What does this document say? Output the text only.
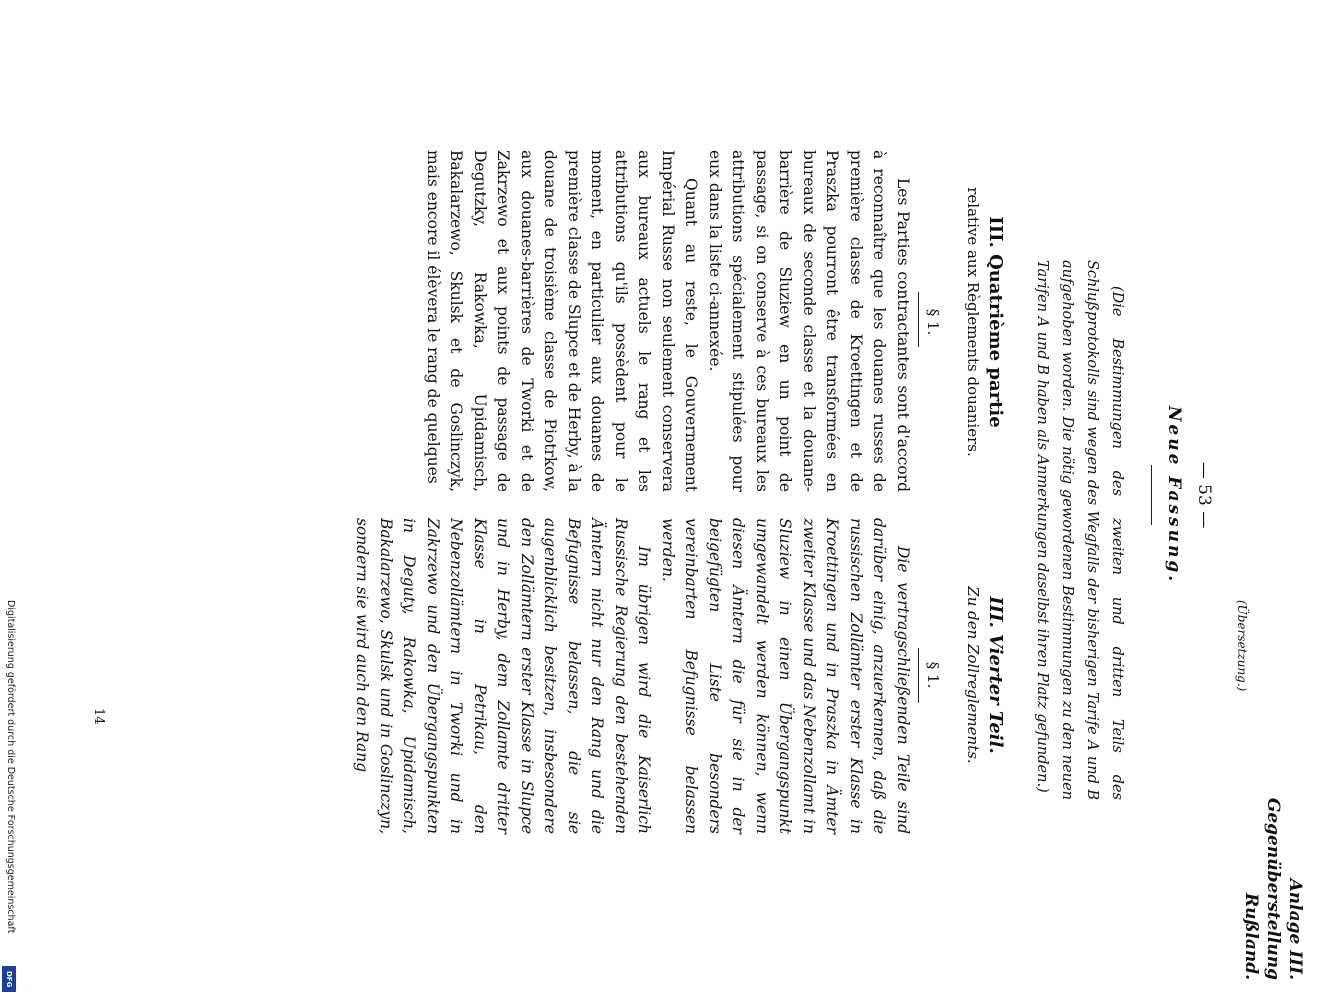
Anlage III.
Gegenüberstellung Rußland.
(Übersetzung.)
— 53 —
Neue Fassung.
(Die Bestimmungen des zweiten und dritten Teils des Schlußprotokolls sind wegen des Wegfalls der bisherigen Tarife A und B aufgehoben worden. Die nötig gewordenen Bestimmungen zu den neuen Tarifen A und B haben als Anmerkungen daselbst ihren Platz gefunden.)
III. Vierter Teil.
Zu den Zollreglements.
§ 1.

Die vertragschließenden Teile sind darüber einig, anzuerkennen, daß die russischen Zollämter erster Klasse in Kroettingen und in Praszka in Ämter zweiter Klasse und das Nebenzollamt in Sluziew in einen Übergangspunkt umgewandelt werden können, wenn diesen Ämtern die für sie in der beigefügten Liste besonders vereinbarten Befugnisse belassen werden.

Im übrigen wird die Kaiserlich Russische Regierung den bestehenden Ämtern nicht nur den Rang und die Befugnisse belassen, die sie augenblicklich besitzen, insbesondere den Zollämtern erster Klasse in Slupce und in Herby, dem Zollamte dritter Klasse in Petrikau, den Nebenzollämtern in Tworki und in Zakrzewo und den Übergangspunkten in Deguty, Rakowka, Upidamisch, Bakalarzewo, Skulsk und in Goslinczyn, sondern sie wird auch den Rang

III. Quatrième partie
relative aux Règlements douaniers.
§ 1.

Les Parties contractantes sont d'accord à reconnaître que les douanes russes de première classe de Kroettingen et de Praszka pourront être transformées en bureaux de seconde classe et la douane-barrière de Sluziew en un point de passage, si on conserve à ces bureaux les attributions spécialement stipulées pour eux dans la liste ci-annexée.

Quant au reste, le Gouvernement Impérial Russe non seulement conservera aux bureaux actuels le rang et les attributions qu'ils possèdent pour le moment, en particulier aux douanes de première classe de Slupce et de Herby, à la douane de troisième classe de Piotrkow, aux douanes-barrières de Tworki et de Zakrzewo et aux points de passage de Degutzky, Rakowka, Upidamisch, Bakalarzewo, Skulsk et de Goslinczyk, mais encore il élèvera le rang de quelques

14
Digitalisierung gefördert durch die Deutsche Forschungsgemeinschaft
DFG
